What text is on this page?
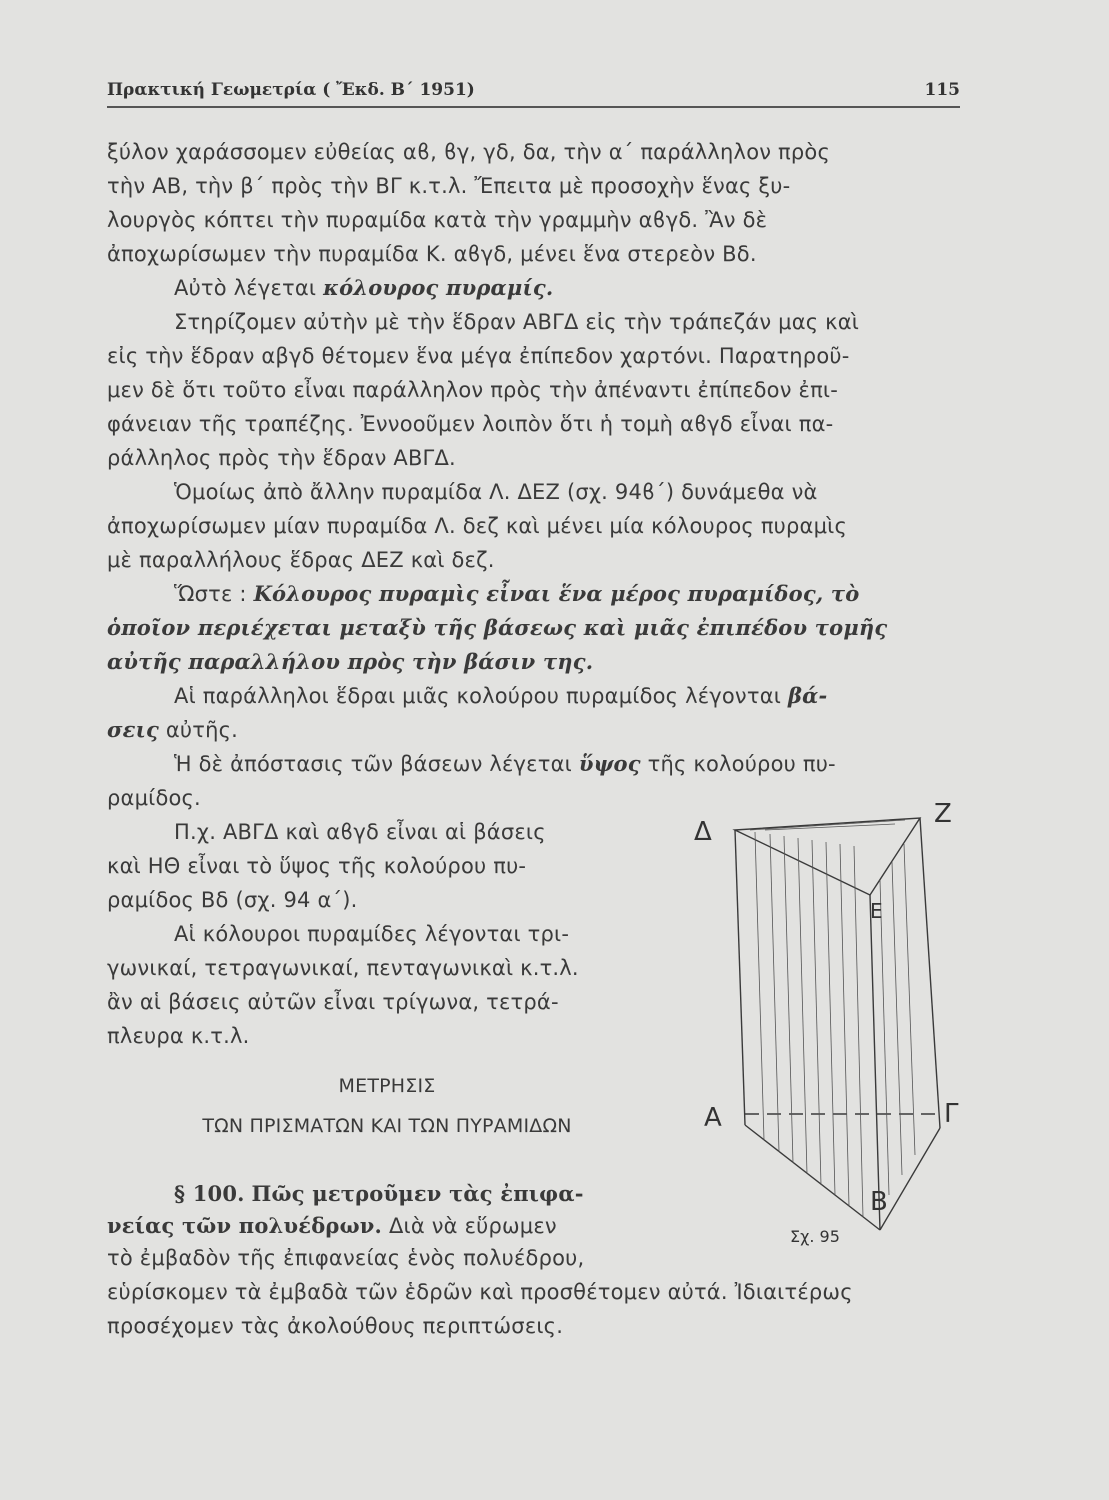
Πρακτική Γεωμετρία ( Ἔκδ. Β΄ 1951)	115
ξύλον χαράσσομεν εὐθείας αϐ, ϐγ, γδ, δα, τὴν α΄ παράλληλον πρὸς
τὴν ΑΒ, τὴν β΄ πρὸς τὴν ΒΓ κ.τ.λ. Ἔπειτα μὲ προσοχὴν ἕνας ξυ-
λουργὸς κόπτει τὴν πυραμίδα κατὰ τὴν γραμμὴν αϐγδ. Ἂν δὲ
ἀποχωρίσωμεν τὴν πυραμίδα Κ. αϐγδ, μένει ἕνα στερεὸν Βδ.
Αὐτὸ λέγεται κόλουρος πυραμίς.
Στηρίζομεν αὐτὴν μὲ τὴν ἕδραν ΑΒΓΔ εἰς τὴν τράπεζάν μας καὶ
εἰς τὴν ἕδραν αβγδ θέτομεν ἕνα μέγα ἐπίπεδον χαρτόνι. Παρατηροῦ-
μεν δὲ ὅτι τοῦτο εἶναι παράλληλον πρὸς τὴν ἀπέναντι ἐπίπεδον ἐπι-
φάνειαν τῆς τραπέζης. Ἐννοοῦμεν λοιπὸν ὅτι ἡ τομὴ αϐγδ εἶναι πα-
ράλληλος πρὸς τὴν ἕδραν ΑΒΓΔ.
Ὁμοίως ἀπὸ ἄλλην πυραμίδα Λ. ΔΕΖ (σχ. 94ϐ΄) δυνάμεθα νὰ
ἀποχωρίσωμεν μίαν πυραμίδα Λ. δεζ καὶ μένει μία κόλουρος πυραμὶς
μὲ παραλλήλους ἕδρας ΔΕΖ καὶ δεζ.
Ὥστε : Κόλουρος πυραμὶς εἶναι ἕνα μέρος πυραμίδος, τὸ
ὁποῖον περιέχεται μεταξὺ τῆς βάσεως καὶ μιᾶς ἐπιπέδου τομῆς
αὐτῆς παραλλήλου πρὸς τὴν βάσιν της.
Αἱ παράλληλοι ἕδραι μιᾶς κολούρου πυραμίδος λέγονται βά-
σεις αὐτῆς.
Ἡ δὲ ἀπόστασις τῶν βάσεων λέγεται ὕψος τῆς κολούρου πυ-
ραμίδος.
Π.χ. ΑΒΓΔ καὶ αϐγδ εἶναι αἱ βάσεις
καὶ ΗΘ εἶναι τὸ ὕψος τῆς κολούρου πυ-
ραμίδος Βδ (σχ. 94 α΄).
Αἱ κόλουροι πυραμίδες λέγονται τρι-
γωνικαί, τετραγωνικαί, πενταγωνικαὶ κ.τ.λ.
ἂν αἱ βάσεις αὐτῶν εἶναι τρίγωνα, τετρά-
πλευρα κ.τ.λ.
ΜΕΤΡΗΣΙΣ
ΤΩΝ ΠΡΙΣΜΑΤΩΝ ΚΑΙ ΤΩΝ ΠΥΡΑΜΙΔΩΝ
§ 100. Πῶς μετροῦμεν τὰς ἐπιφα-
νείας τῶν πολυέδρων. Διὰ νὰ εὕρωμεν
τὸ ἐμβαδὸν τῆς ἐπιφανείας ἑνὸς πολυέδρου,
εὑρίσκομεν τὰ ἐμβαδὰ τῶν ἑδρῶν καὶ προσθέτομεν αὐτά. Ἰδιαιτέρως
προσέχομεν τὰς ἀκολούθους περιπτώσεις.
Δ
Ζ
Ε
Α	Γ
Β
Σχ. 95
